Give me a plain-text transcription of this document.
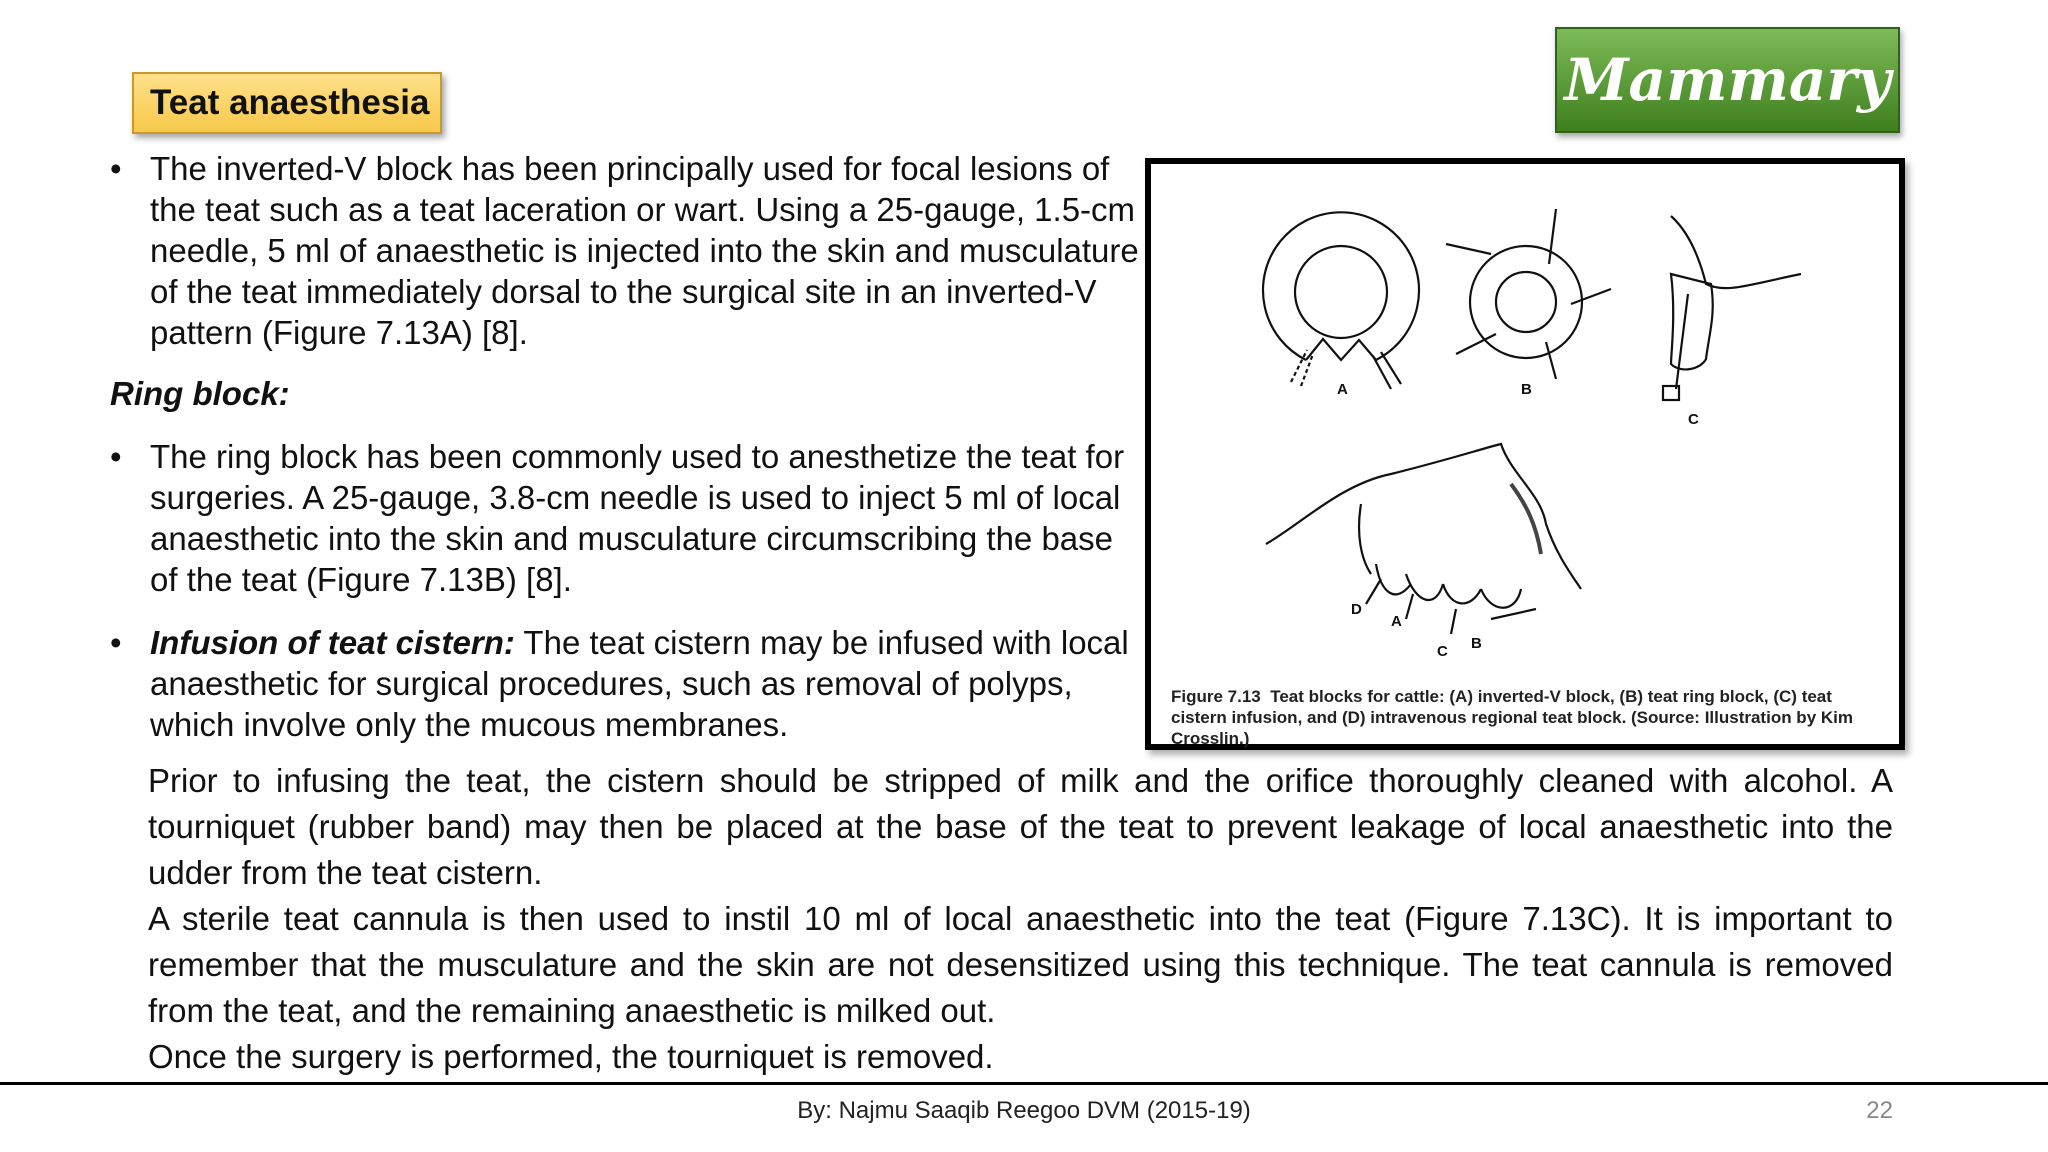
Teat anaesthesia	Mammary

• The inverted-V block has been principally used for focal lesions of the teat such as a teat laceration or wart. Using a 25-gauge, 1.5-cm needle, 5 ml of anaesthetic is injected into the skin and musculature of the teat immediately dorsal to the surgical site in an inverted-V pattern (Figure 7.13A) [8].

Ring block:

• The ring block has been commonly used to anesthetize the teat for surgeries. A 25-gauge, 3.8-cm needle is used to inject 5 ml of local anaesthetic into the skin and musculature circumscribing the base of the teat (Figure 7.13B) [8].

• Infusion of teat cistern: The teat cistern may be infused with local anaesthetic for surgical procedures, such as removal of polyps, which involve only the mucous membranes.

Prior to infusing the teat, the cistern should be stripped of milk and the orifice thoroughly cleaned with alcohol. A tourniquet (rubber band) may then be placed at the base of the teat to prevent leakage of local anaesthetic into the udder from the teat cistern.
A sterile teat cannula is then used to instil 10 ml of local anaesthetic into the teat (Figure 7.13C). It is important to remember that the musculature and the skin are not desensitized using this technique. The teat cannula is removed from the teat, and the remaining anaesthetic is milked out.
Once the surgery is performed, the tourniquet is removed.
A	B
C
D
A
C B
Figure 7.13 Teat blocks for cattle: (A) inverted-V block, (B) teat ring block, (C) teat cistern infusion, and (D) intravenous regional teat block. (Source: Illustration by Kim Crosslin.)
By: Najmu Saaqib Reegoo DVM (2015-19)	22
